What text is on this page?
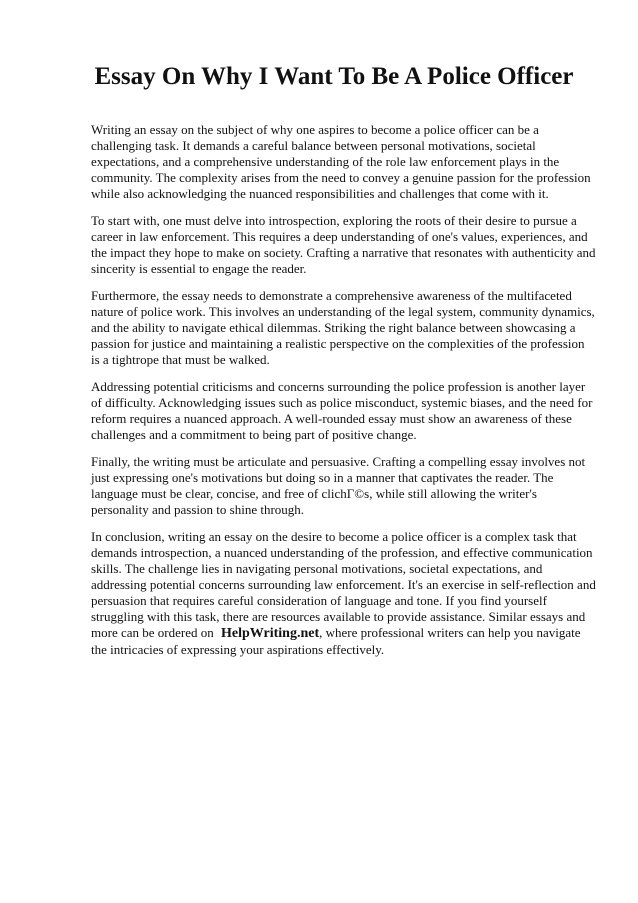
Essay On Why I Want To Be A Police Officer

Writing an essay on the subject of why one aspires to become a police officer can be a challenging task. It demands a careful balance between personal motivations, societal expectations, and a comprehensive understanding of the role law enforcement plays in the community. The complexity arises from the need to convey a genuine passion for the profession while also acknowledging the nuanced responsibilities and challenges that come with it.

To start with, one must delve into introspection, exploring the roots of their desire to pursue a career in law enforcement. This requires a deep understanding of one's values, experiences, and the impact they hope to make on society. Crafting a narrative that resonates with authenticity and sincerity is essential to engage the reader.

Furthermore, the essay needs to demonstrate a comprehensive awareness of the multifaceted nature of police work. This involves an understanding of the legal system, community dynamics, and the ability to navigate ethical dilemmas. Striking the right balance between showcasing a passion for justice and maintaining a realistic perspective on the complexities of the profession is a tightrope that must be walked.

Addressing potential criticisms and concerns surrounding the police profession is another layer of difficulty. Acknowledging issues such as police misconduct, systemic biases, and the need for reform requires a nuanced approach. A well-rounded essay must show an awareness of these challenges and a commitment to being part of positive change.

Finally, the writing must be articulate and persuasive. Crafting a compelling essay involves not just expressing one's motivations but doing so in a manner that captivates the reader. The language must be clear, concise, and free of clichГ©s, while still allowing the writer's personality and passion to shine through.

In conclusion, writing an essay on the desire to become a police officer is a complex task that demands introspection, a nuanced understanding of the profession, and effective communication skills. The challenge lies in navigating personal motivations, societal expectations, and addressing potential concerns surrounding law enforcement. It's an exercise in self-reflection and persuasion that requires careful consideration of language and tone. If you find yourself struggling with this task, there are resources available to provide assistance. Similar essays and more can be ordered on HelpWriting.net, where professional writers can help you navigate the intricacies of expressing your aspirations effectively.
